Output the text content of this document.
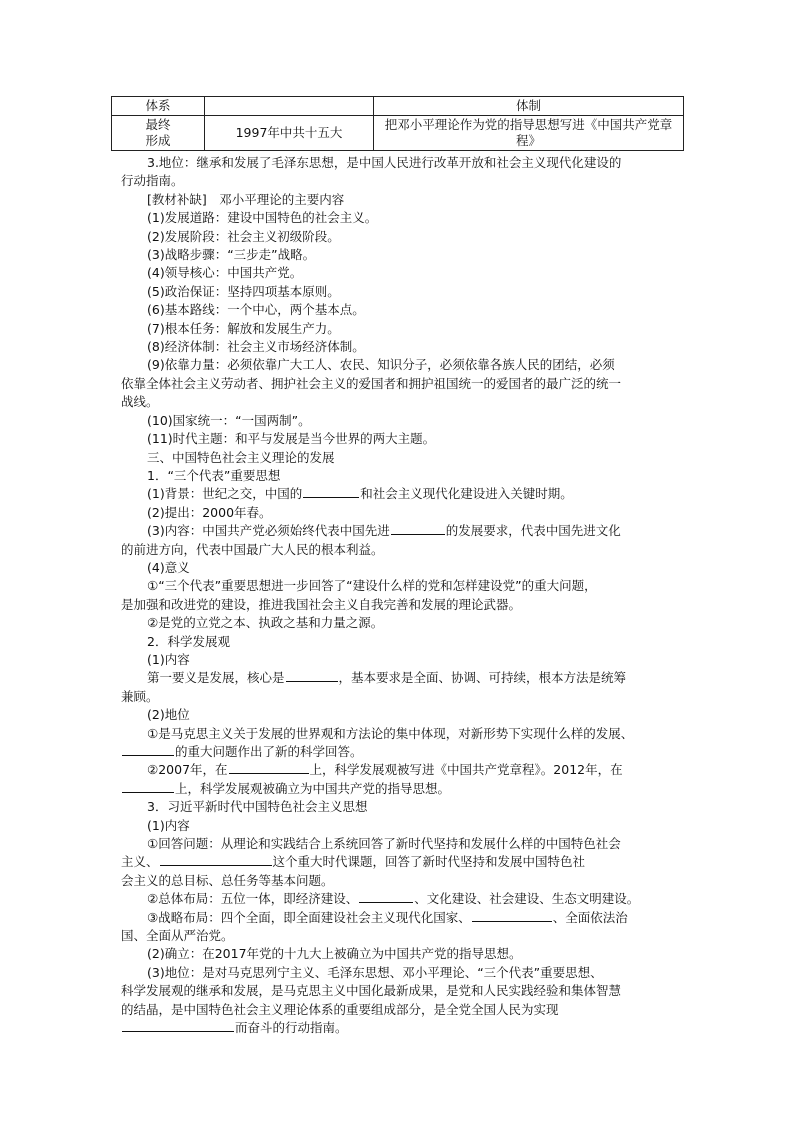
体系		体制
最终
形成	1997年中共十五大	把邓小平理论作为党的指导思想写进《中国共产党章程》

3.地位：继承和发展了毛泽东思想，是中国人民进行改革开放和社会主义现代化建设的

行动指南。

[教材补缺]　邓小平理论的主要内容

(1)发展道路：建设中国特色的社会主义。

(2)发展阶段：社会主义初级阶段。

(3)战略步骤：“三步走”战略。

(4)领导核心：中国共产党。

(5)政治保证：坚持四项基本原则。

(6)基本路线：一个中心，两个基本点。

(7)根本任务：解放和发展生产力。

(8)经济体制：社会主义市场经济体制。

(9)依靠力量：必须依靠广大工人、农民、知识分子，必须依靠各族人民的团结，必须

依靠全体社会主义劳动者、拥护社会主义的爱国者和拥护祖国统一的爱国者的最广泛的统一

战线。

(10)国家统一：“一国两制”。

(11)时代主题：和平与发展是当今世界的两大主题。

三、中国特色社会主义理论的发展

1．“三个代表”重要思想

(1)背景：世纪之交，中国的	和社会主义现代化建设进入关键时期。

(2)提出：2000年春。

(3)内容：中国共产党必须始终代表中国先进	的发展要求，代表中国先进文化

的前进方向，代表中国最广大人民的根本利益。

(4)意义

①“三个代表”重要思想进一步回答了“建设什么样的党和怎样建设党”的重大问题，

是加强和改进党的建设，推进我国社会主义自我完善和发展的理论武器。

②是党的立党之本、执政之基和力量之源。

2．科学发展观

(1)内容

第一要义是发展，核心是	，基本要求是全面、协调、可持续，根本方法是统筹

兼顾。

(2)地位

①是马克思主义关于发展的世界观和方法论的集中体现，对新形势下实现什么样的发展、

的重大问题作出了新的科学回答。

②2007年，在	上，科学发展观被写进《中国共产党章程》。2012年，在

上，科学发展观被确立为中国共产党的指导思想。

3．习近平新时代中国特色社会主义思想

(1)内容

①回答问题：从理论和实践结合上系统回答了新时代坚持和发展什么样的中国特色社会

主义、	这个重大时代课题，回答了新时代坚持和发展中国特色社

会主义的总目标、总任务等基本问题。

②总体布局：五位一体，即经济建设、	、文化建设、社会建设、生态文明建设。

③战略布局：四个全面，即全面建设社会主义现代化国家、	、全面依法治

国、全面从严治党。

(2)确立：在2017年党的十九大上被确立为中国共产党的指导思想。

(3)地位：是对马克思列宁主义、毛泽东思想、邓小平理论、“三个代表”重要思想、

科学发展观的继承和发展，是马克思主义中国化最新成果，是党和人民实践经验和集体智慧

的结晶，是中国特色社会主义理论体系的重要组成部分，是全党全国人民为实现

而奋斗的行动指南。
